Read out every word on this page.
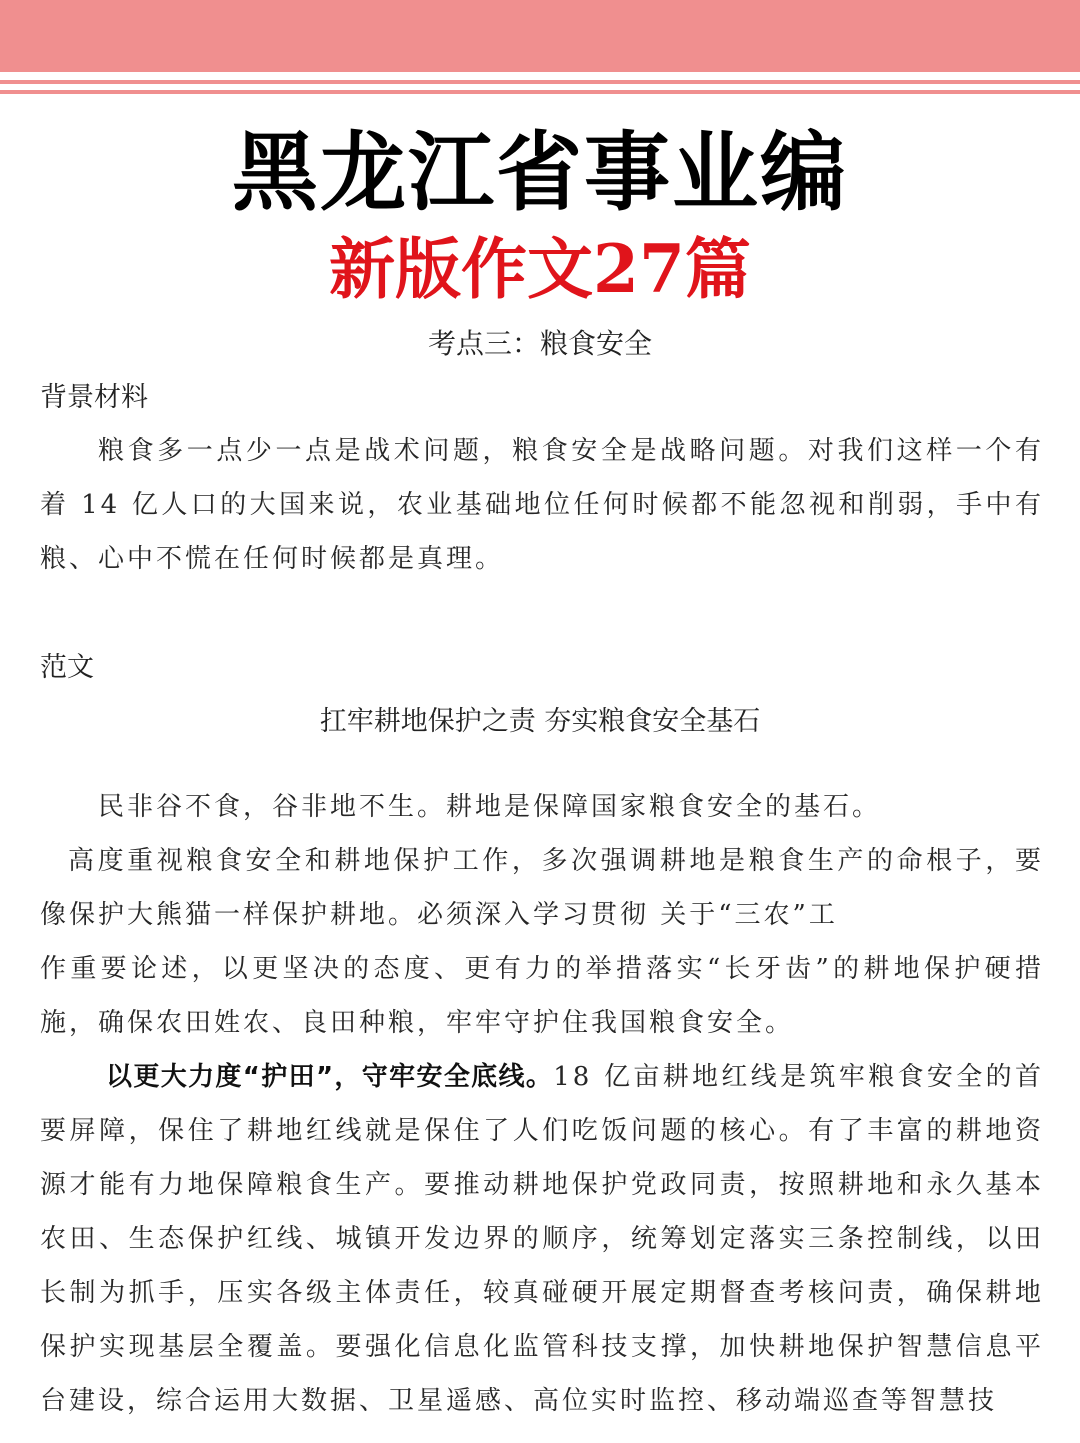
黑龙江省事业编
新版作文27篇
考点三：粮食安全
背景材料

粮食多一点少一点是战术问题，粮食安全是战略问题。对我们这样一个有着 14 亿人口的大国来说，农业基础地位任何时候都不能忽视和削弱，手中有粮、心中不慌在任何时候都是真理。

范文
扛牢耕地保护之责 夯实粮食安全基石

民非谷不食，谷非地不生。耕地是保障国家粮食安全的基石。

高度重视粮食安全和耕地保护工作，多次强调耕地是粮食生产的命根子，要像保护大熊猫一样保护耕地。必须深入学习贯彻 关于“三农”工

作重要论述，以更坚决的态度、更有力的举措落实“长牙齿”的耕地保护硬措施，确保农田姓农、良田种粮，牢牢守护住我国粮食安全。

以更大力度“护田”，守牢安全底线。18 亿亩耕地红线是筑牢粮食安全的首要屏障，保住了耕地红线就是保住了人们吃饭问题的核心。有了丰富的耕地资源才能有力地保障粮食生产。要推动耕地保护党政同责，按照耕地和永久基本农田、生态保护红线、城镇开发边界的顺序，统筹划定落实三条控制线，以田长制为抓手，压实各级主体责任，较真碰硬开展定期督查考核问责，确保耕地保护实现基层全覆盖。要强化信息化监管科技支撑，加快耕地保护智慧信息平台建设，综合运用大数据、卫星遥感、高位实时监控、移动端巡查等智慧技
